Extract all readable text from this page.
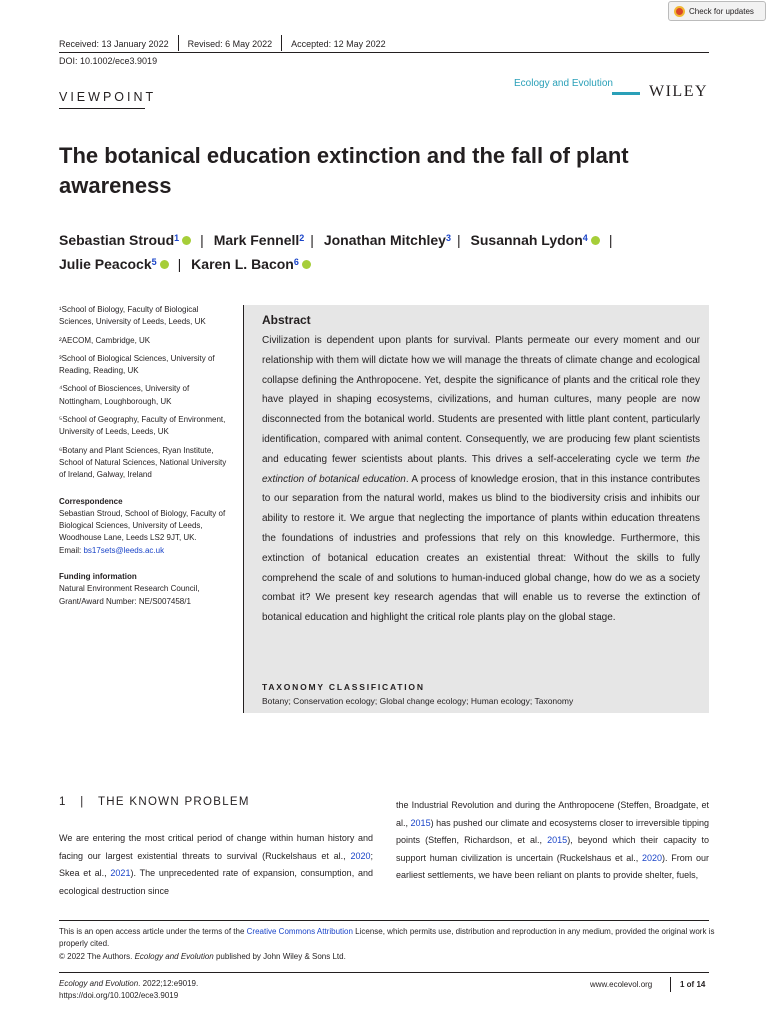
Check for updates
Received: 13 January 2022	Revised: 6 May 2022	Accepted: 12 May 2022
DOI: 10.1002/ece3.9019
VIEWPOINT
Ecology and Evolution WILEY
The botanical education extinction and the fall of plant awareness
Sebastian Stroud$^1$ | Mark Fennell$^2$ | Jonathan Mitchley$^3$ | Susannah Lydon$^4$ |
Julie Peacock$^5$ | Karen L. Bacon$^6$

¹School of Biology, Faculty of Biological Sciences, University of Leeds, Leeds, UK

²AECOM, Cambridge, UK

³School of Biological Sciences, University of Reading, Reading, UK

⁴School of Biosciences, University of Nottingham, Loughborough, UK

⁵School of Geography, Faculty of Environment, University of Leeds, Leeds, UK

⁶Botany and Plant Sciences, Ryan Institute, School of Natural Sciences, National University of Ireland, Galway, Ireland

Correspondence

Sebastian Stroud, School of Biology, Faculty of Biological Sciences, University of Leeds, Woodhouse Lane, Leeds LS2 9JT, UK.

Email: bs17sets@leeds.ac.uk

Funding information

Natural Environment Research Council, Grant/Award Number: NE/S007458/1

Abstract
Civilization is dependent upon plants for survival. Plants permeate our every moment and our relationship with them will dictate how we will manage the threats of climate change and ecological collapse defining the Anthropocene. Yet, despite the significance of plants and the critical role they have played in shaping ecosystems, civilizations, and human cultures, many people are now disconnected from the botanical world. Students are presented with little plant content, particularly identification, compared with animal content. Consequently, we are producing few plant scientists and educating fewer scientists about plants. This drives a self-accelerating cycle we term the extinction of botanical education. A process of knowledge erosion, that in this instance contributes to our separation from the natural world, makes us blind to the biodiversity crisis and inhibits our ability to restore it. We argue that neglecting the importance of plants within education threatens the foundations of industries and professions that rely on this knowledge. Furthermore, this extinction of botanical education creates an existential threat: Without the skills to fully comprehend the scale of and solutions to human-induced global change, how do we as a society combat it? We present key research agendas that will enable us to reverse the extinction of botanical education and highlight the critical role plants play on the global stage.
TAXONOMY CLASSIFICATION
Botany; Conservation ecology; Global change ecology; Human ecology; Taxonomy
1   |   THE KNOWN PROBLEM
We are entering the most critical period of change within human history and facing our largest existential threats to survival (Ruckelshaus et al., 2020; Skea et al., 2021). The unprecedented rate of expansion, consumption, and ecological destruction since
the Industrial Revolution and during the Anthropocene (Steffen, Broadgate, et al., 2015) has pushed our climate and ecosystems closer to irreversible tipping points (Steffen, Richardson, et al., 2015), beyond which their capacity to support human civilization is uncertain (Ruckelshaus et al., 2020). From our earliest settlements, we have been reliant on plants to provide shelter, fuels,
This is an open access article under the terms of the Creative Commons Attribution License, which permits use, distribution and reproduction in any medium, provided the original work is properly cited.
© 2022 The Authors. Ecology and Evolution published by John Wiley & Sons Ltd.
Ecology and Evolution. 2022;12:e9019.
https://doi.org/10.1002/ece3.9019
www.ecolevol.org	1 of 14
